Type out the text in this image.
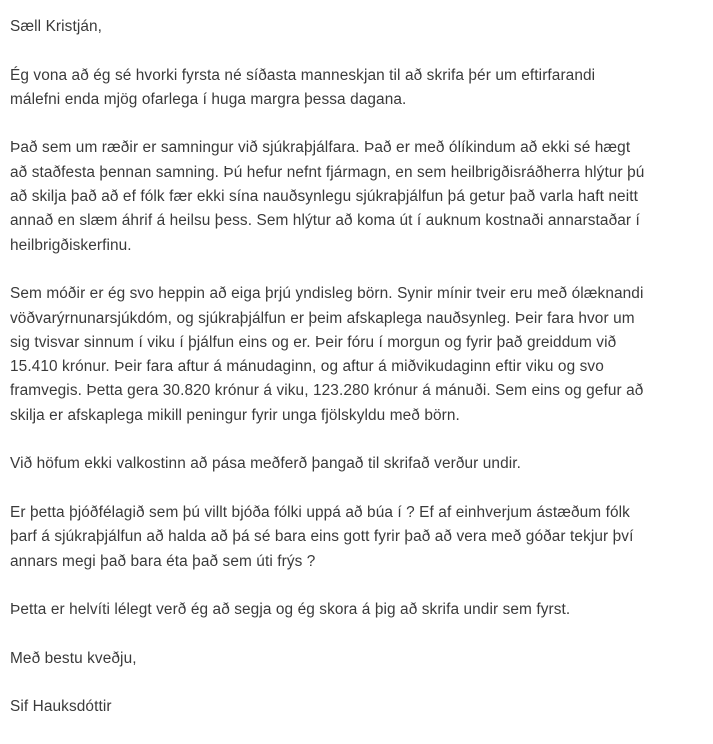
Sæll Kristján,

Ég vona að ég sé hvorki fyrsta né síðasta manneskjan til að skrifa þér um eftirfarandi
málefni enda mjög ofarlega í huga margra þessa dagana.

Það sem um ræðir er samningur við sjúkraþjálfara. Það er með ólíkindum að ekki sé hægt
að staðfesta þennan samning. Þú hefur nefnt fjármagn, en sem heilbrigðisráðherra hlýtur þú
að skilja það að ef fólk fær ekki sína nauðsynlegu sjúkraþjálfun þá getur það varla haft neitt
annað en slæm áhrif á heilsu þess. Sem hlýtur að koma út í auknum kostnaði annarstaðar í
heilbrigðiskerfinu.

Sem móðir er ég svo heppin að eiga þrjú yndisleg börn. Synir mínir tveir eru með ólæknandi
vöðvarýrnunarsjúkdóm, og sjúkraþjálfun er þeim afskaplega nauðsynleg. Þeir fara hvor um
sig tvisvar sinnum í viku í þjálfun eins og er. Þeir fóru í morgun og fyrir það greiddum við
15.410 krónur. Þeir fara aftur á mánudaginn, og aftur á miðvikudaginn eftir viku og svo
framvegis. Þetta gera 30.820 krónur á viku, 123.280 krónur á mánuði. Sem eins og gefur að
skilja er afskaplega mikill peningur fyrir unga fjölskyldu með börn.

Við höfum ekki valkostinn að pása meðferð þangað til skrifað verður undir.

Er þetta þjóðfélagið sem þú villt bjóða fólki uppá að búa í ? Ef af einhverjum ástæðum fólk
þarf á sjúkraþjálfun að halda að þá sé bara eins gott fyrir það að vera með góðar tekjur því
annars megi það bara éta það sem úti frýs ?

Þetta er helvíti lélegt verð ég að segja og ég skora á þig að skrifa undir sem fyrst.

Með bestu kveðju,

Sif Hauksdóttir
